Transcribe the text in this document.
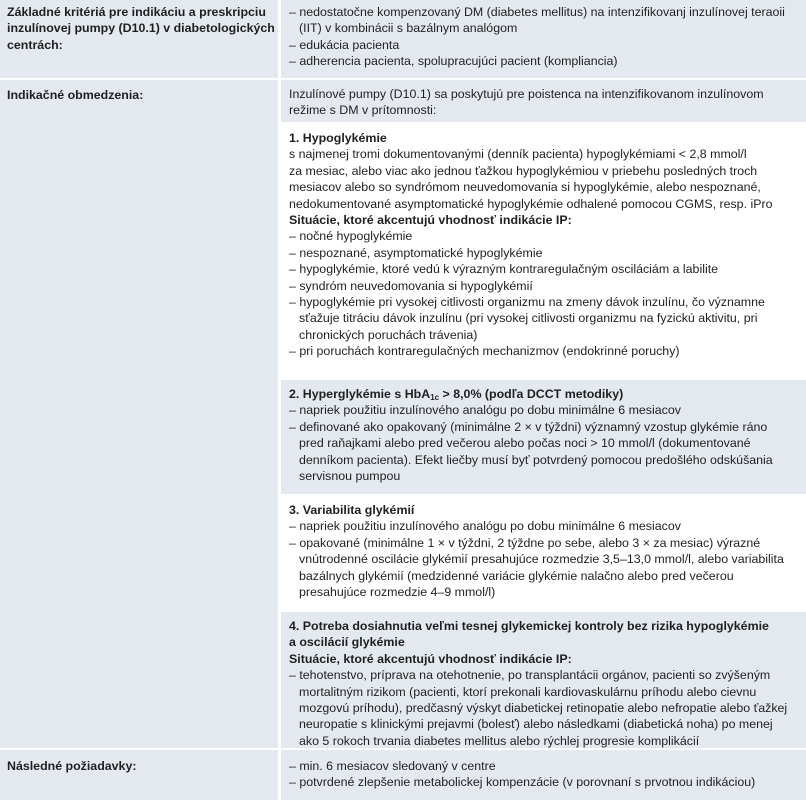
Základné kritériá pre indikáciu a preskripciu
inzulínovej pumpy (D10.1) v diabetologických
centrách:
– nedostatočne kompenzovaný DM (diabetes mellitus) na intenzifikovanj inzulínovej teraoii
(IIT) v kombinácii s bazálnym analógom
– edukácia pacienta
– adherencia pacienta, spolupracujúci pacient (kompliancia)
Indikačné obmedzenia:	Inzulínové pumpy (D10.1) sa poskytujú pre poistenca na intenzifikovanom inzulínovom
režime s DM v prítomnosti:
1. Hypoglykémie
s najmenej tromi dokumentovanými (denník pacienta) hypoglykémiami < 2,8 mmol/l
za mesiac, alebo viac ako jednou ťažkou hypoglykémiou v priebehu posledných troch
mesiacov alebo so syndrómom neuvedomovania si hypoglykémie, alebo nespoznané,
nedokumentované asymptomatické hypoglykémie odhalené pomocou CGMS, resp. iPro
Situácie, ktoré akcentujú vhodnosť indikácie IP:
– nočné hypoglykémie
– nespoznané, asymptomatické hypoglykémie
– hypoglykémie, ktoré vedú k výrazným kontraregulačným osciláciám a labilite
– syndróm neuvedomovania si hypoglykémií
– hypoglykémie pri vysokej citlivosti organizmu na zmeny dávok inzulínu, čo významne
sťažuje titráciu dávok inzulínu (pri vysokej citlivosti organizmu na fyzickú aktivitu, pri
chronických poruchách trávenia)
– pri poruchách kontraregulačných mechanizmov (endokrinné poruchy)
2. Hyperglykémie s HbA$_{1c}$ > 8,0% (podľa DCCT metodiky)
– napriek použitiu inzulínového analógu po dobu minimálne 6 mesiacov
– definované ako opakovaný (minimálne 2 × v týždni) významný vzostup glykémie ráno
pred raňajkami alebo pred večerou alebo počas noci > 10 mmol/l (dokumentované
denníkom pacienta). Efekt liečby musí byť potvrdený pomocou predošlého odskúšania
servisnou pumpou
3. Variabilita glykémií
– napriek použitiu inzulínového analógu po dobu minimálne 6 mesiacov
– opakované (minimálne 1 × v týždni, 2 týždne po sebe, alebo 3 × za mesiac) výrazné
vnútrodenné oscilácie glykémií presahujúce rozmedzie 3,5–13,0 mmol/l, alebo variabilita
bazálnych glykémií (medzidenné variácie glykémie nalačno alebo pred večerou
presahujúce rozmedzie 4–9 mmol/l)
4. Potreba dosiahnutia veľmi tesnej glykemickej kontroly bez rizika hypoglykémie
a oscilácií glykémie
Situácie, ktoré akcentujú vhodnosť indikácie IP:
– tehotenstvo, príprava na otehotnenie, po transplantácii orgánov, pacienti so zvýšeným
mortalitným rizikom (pacienti, ktorí prekonali kardiovaskulárnu príhodu alebo cievnu
mozgovú príhodu), predčasný výskyt diabetickej retinopatie alebo nefropatie alebo ťažkej
neuropatie s klinickými prejavmi (bolesť) alebo následkami (diabetická noha) po menej
ako 5 rokoch trvania diabetes mellitus alebo rýchlej progresie komplikácií
Následné požiadavky:	– min. 6 mesiacov sledovaný v centre
– potvrdené zlepšenie metabolickej kompenzácie (v porovnaní s prvotnou indikáciou)
